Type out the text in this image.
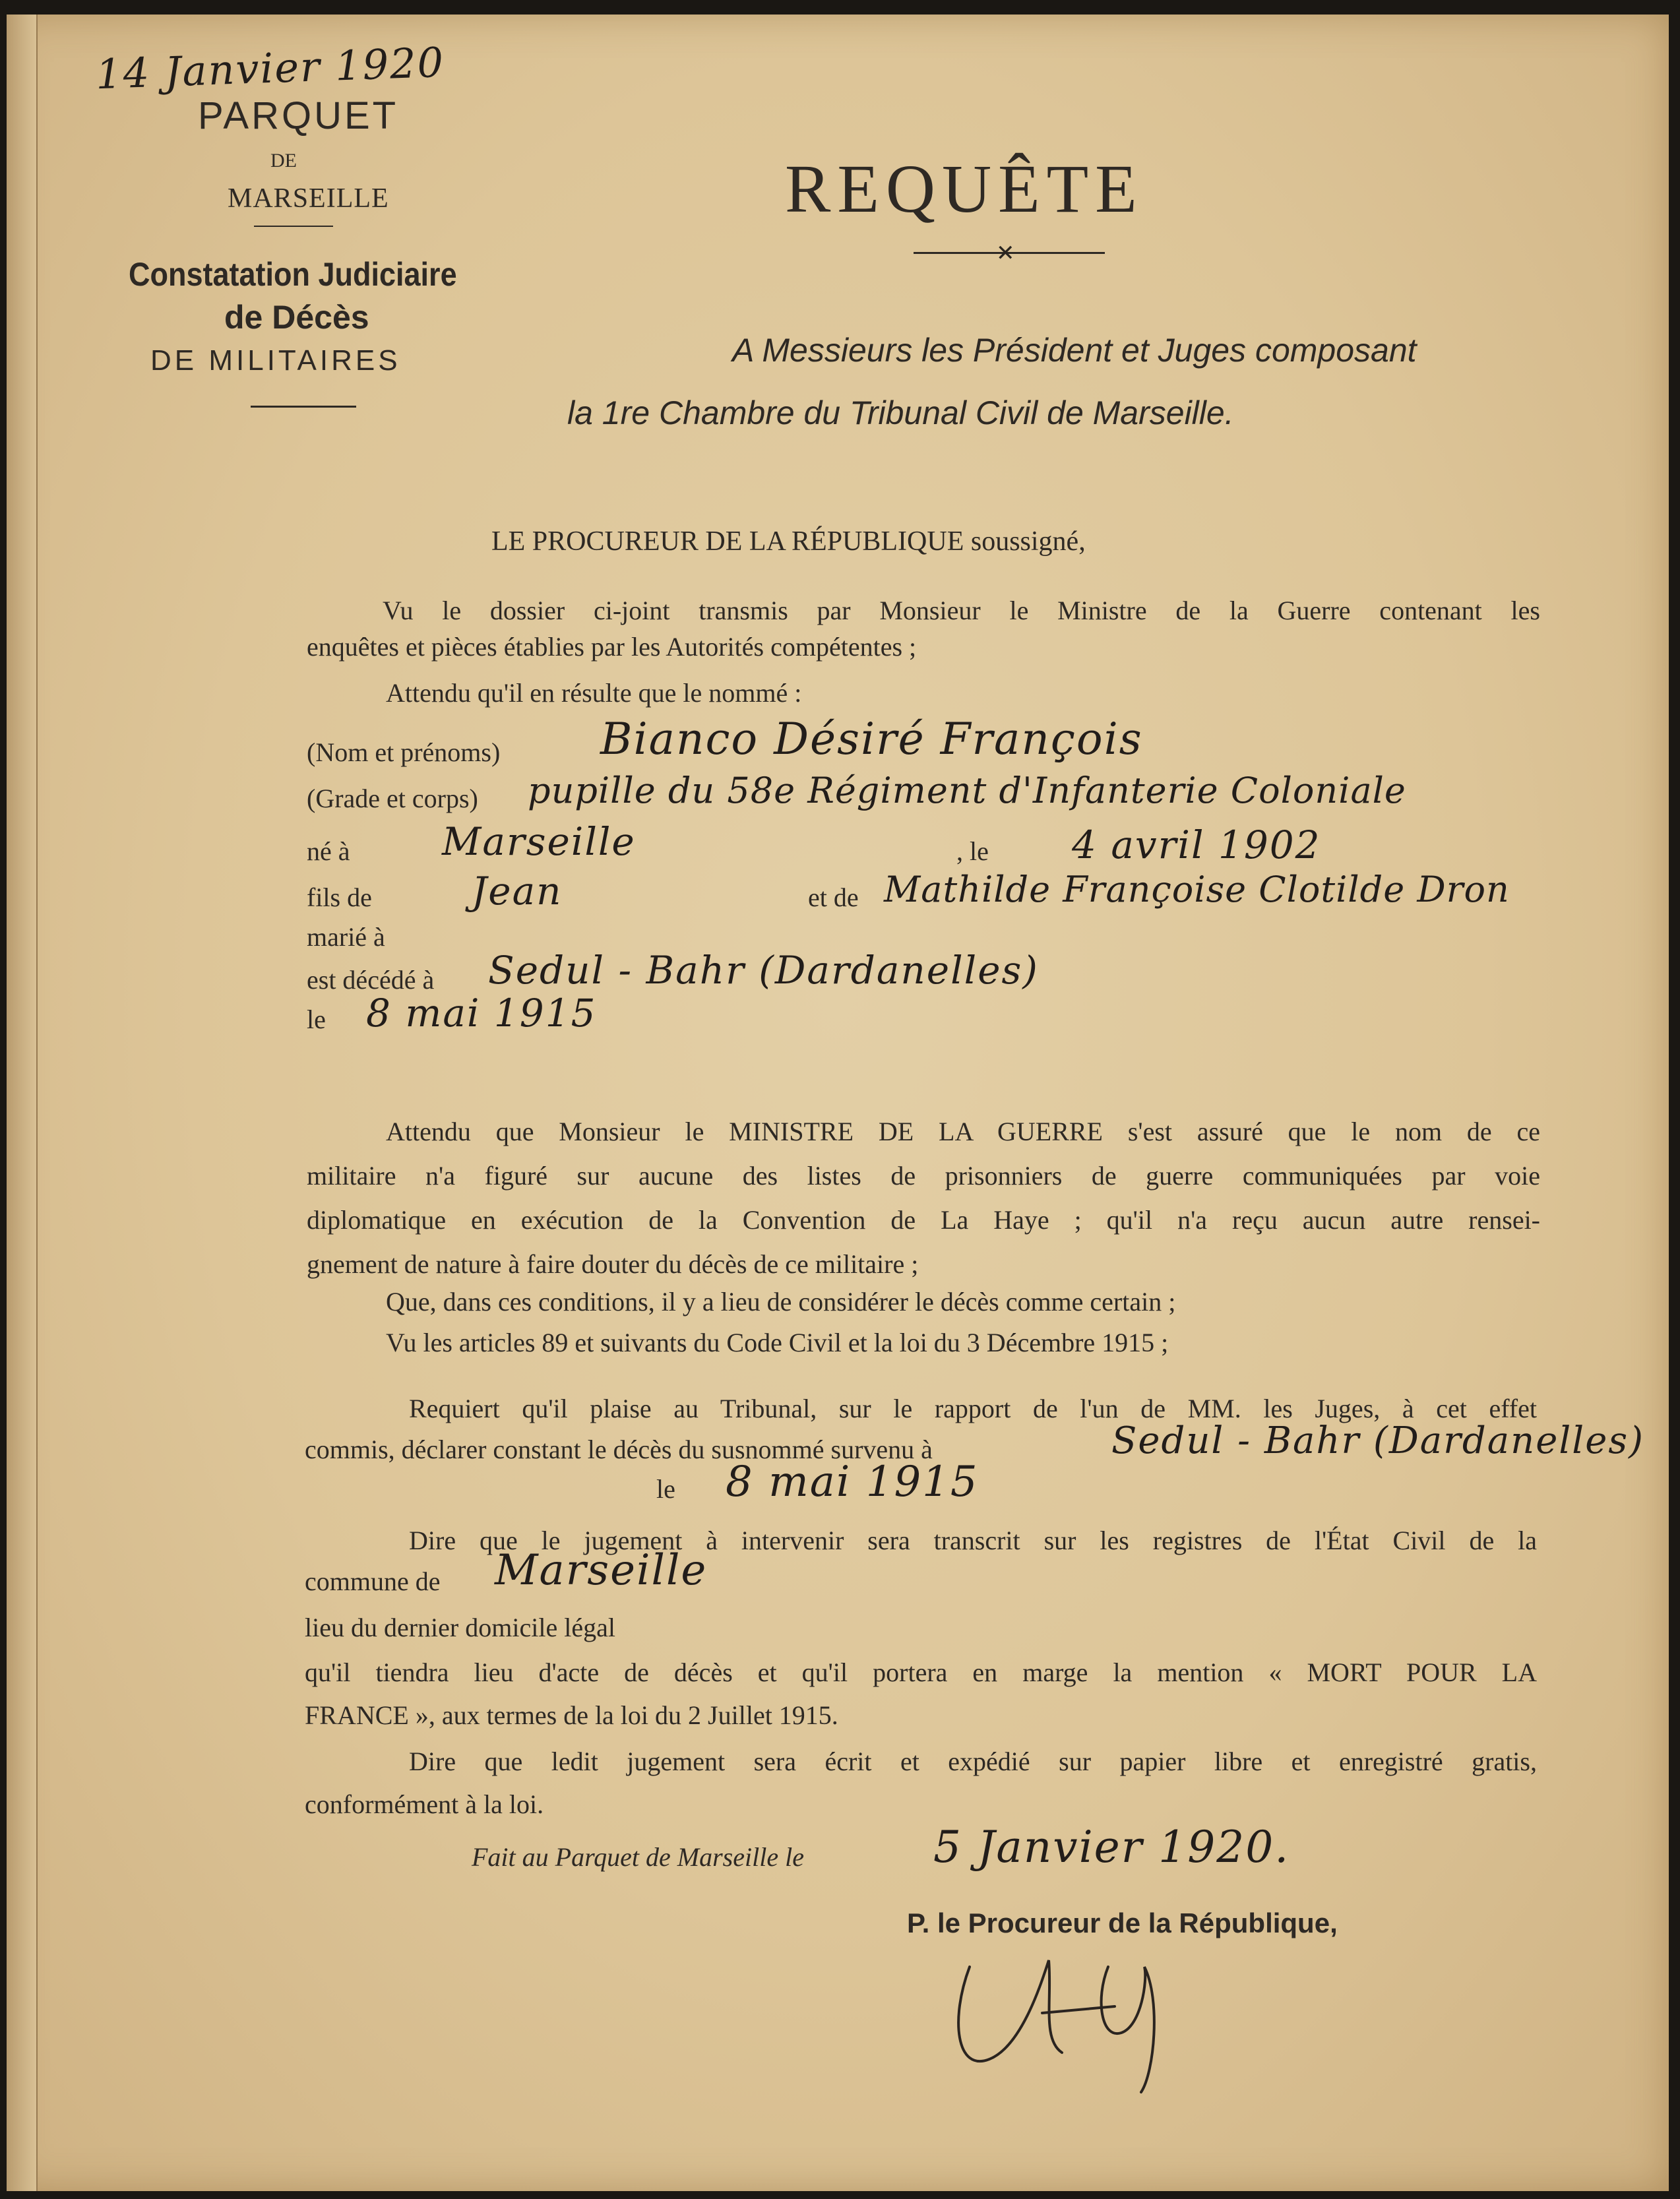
14 Janvier 1920
PARQUET
DE
MARSEILLE
Constatation Judiciaire
de Décès
DE MILITAIRES
REQUÊTE
✕
A Messieurs les Président et Juges composant
la 1re Chambre du Tribunal Civil de Marseille.
LE PROCUREUR DE LA RÉPUBLIQUE soussigné,
Vu le dossier ci-joint transmis par Monsieur le Ministre de la Guerre contenant les
enquêtes et pièces établies par les Autorités compétentes ;
Attendu qu'il en résulte que le nommé :
(Nom et prénoms) Bianco Désiré François
(Grade et corps) pupille du 58e Régiment d'Infanterie Coloniale
né à Marseille	, le 4 avril 1902
fils de	Jean	et de Mathilde Françoise Clotilde Dron
marié à
est décédé à Sedul - Bahr (Dardanelles)
le 8 mai 1915
Attendu que Monsieur le MINISTRE DE LA GUERRE s'est assuré que le nom de ce
militaire n'a figuré sur aucune des listes de prisonniers de guerre communiquées par voie
diplomatique en exécution de la Convention de La Haye ; qu'il n'a reçu aucun autre rensei-
gnement de nature à faire douter du décès de ce militaire ;
Que, dans ces conditions, il y a lieu de considérer le décès comme certain ;
Vu les articles 89 et suivants du Code Civil et la loi du 3 Décembre 1915 ;
Requiert qu'il plaise au Tribunal, sur le rapport de l'un de MM. les Juges, à cet effet
commis, déclarer constant le décès du susnommé survenu à	Sedul - Bahr (Dardanelles)
le 8 mai 1915
Dire que le jugement à intervenir sera transcrit sur les registres de l'État Civil de la
commune de Marseille
lieu du dernier domicile légal
qu'il tiendra lieu d'acte de décès et qu'il portera en marge la mention « MORT POUR LA
FRANCE », aux termes de la loi du 2 Juillet 1915.
Dire que ledit jugement sera écrit et expédié sur papier libre et enregistré gratis,
conformément à la loi.
Fait au Parquet de Marseille le	5 Janvier 1920.
P. le Procureur de la République,
